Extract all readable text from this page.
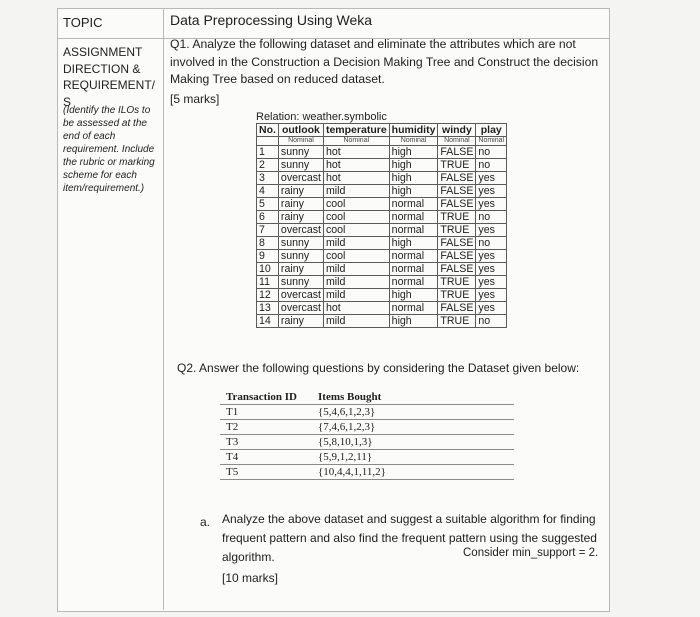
TOPIC	Data Preprocessing Using Weka
ASSIGNMENT DIRECTION & REQUIREMENT/ S
(Identify the ILOs to be assessed at the end of each requirement. Include the rubric or marking scheme for each item/requirement.)
Q1. Analyze the following dataset and eliminate the attributes which are not involved in the Construction a Decision Making Tree and Construct the decision Making Tree based on reduced dataset.
[5 marks]
Relation: weather.symbolic
No.	outlook	temperature	humidity	windy	play
	Nominal	Nominal	Nominal	Nominal	Nominal
1	sunny	hot	high	FALSE	no
2	sunny	hot	high	TRUE	no
3	overcast	hot	high	FALSE	yes
4	rainy	mild	high	FALSE	yes
5	rainy	cool	normal	FALSE	yes
6	rainy	cool	normal	TRUE	no
7	overcast	cool	normal	TRUE	yes
8	sunny	mild	high	FALSE	no
9	sunny	cool	normal	FALSE	yes
10	rainy	mild	normal	FALSE	yes
11	sunny	mild	normal	TRUE	yes
12	overcast	mild	high	TRUE	yes
13	overcast	hot	normal	FALSE	yes
14	rainy	mild	high	TRUE	no
Q2. Answer the following questions by considering the Dataset given below:
Transaction ID	Items Bought
T1	{5,4,6,1,2,3}
T2	{7,4,6,1,2,3}
T3	{5,8,10,1,3}
T4	{5,9,1,2,11}
T5	{10,4,4,1,11,2}
a. Analyze the above dataset and suggest a suitable algorithm for finding frequent pattern and also find the frequent pattern using the suggested algorithm.	Consider min_support = 2.
[10 marks]
